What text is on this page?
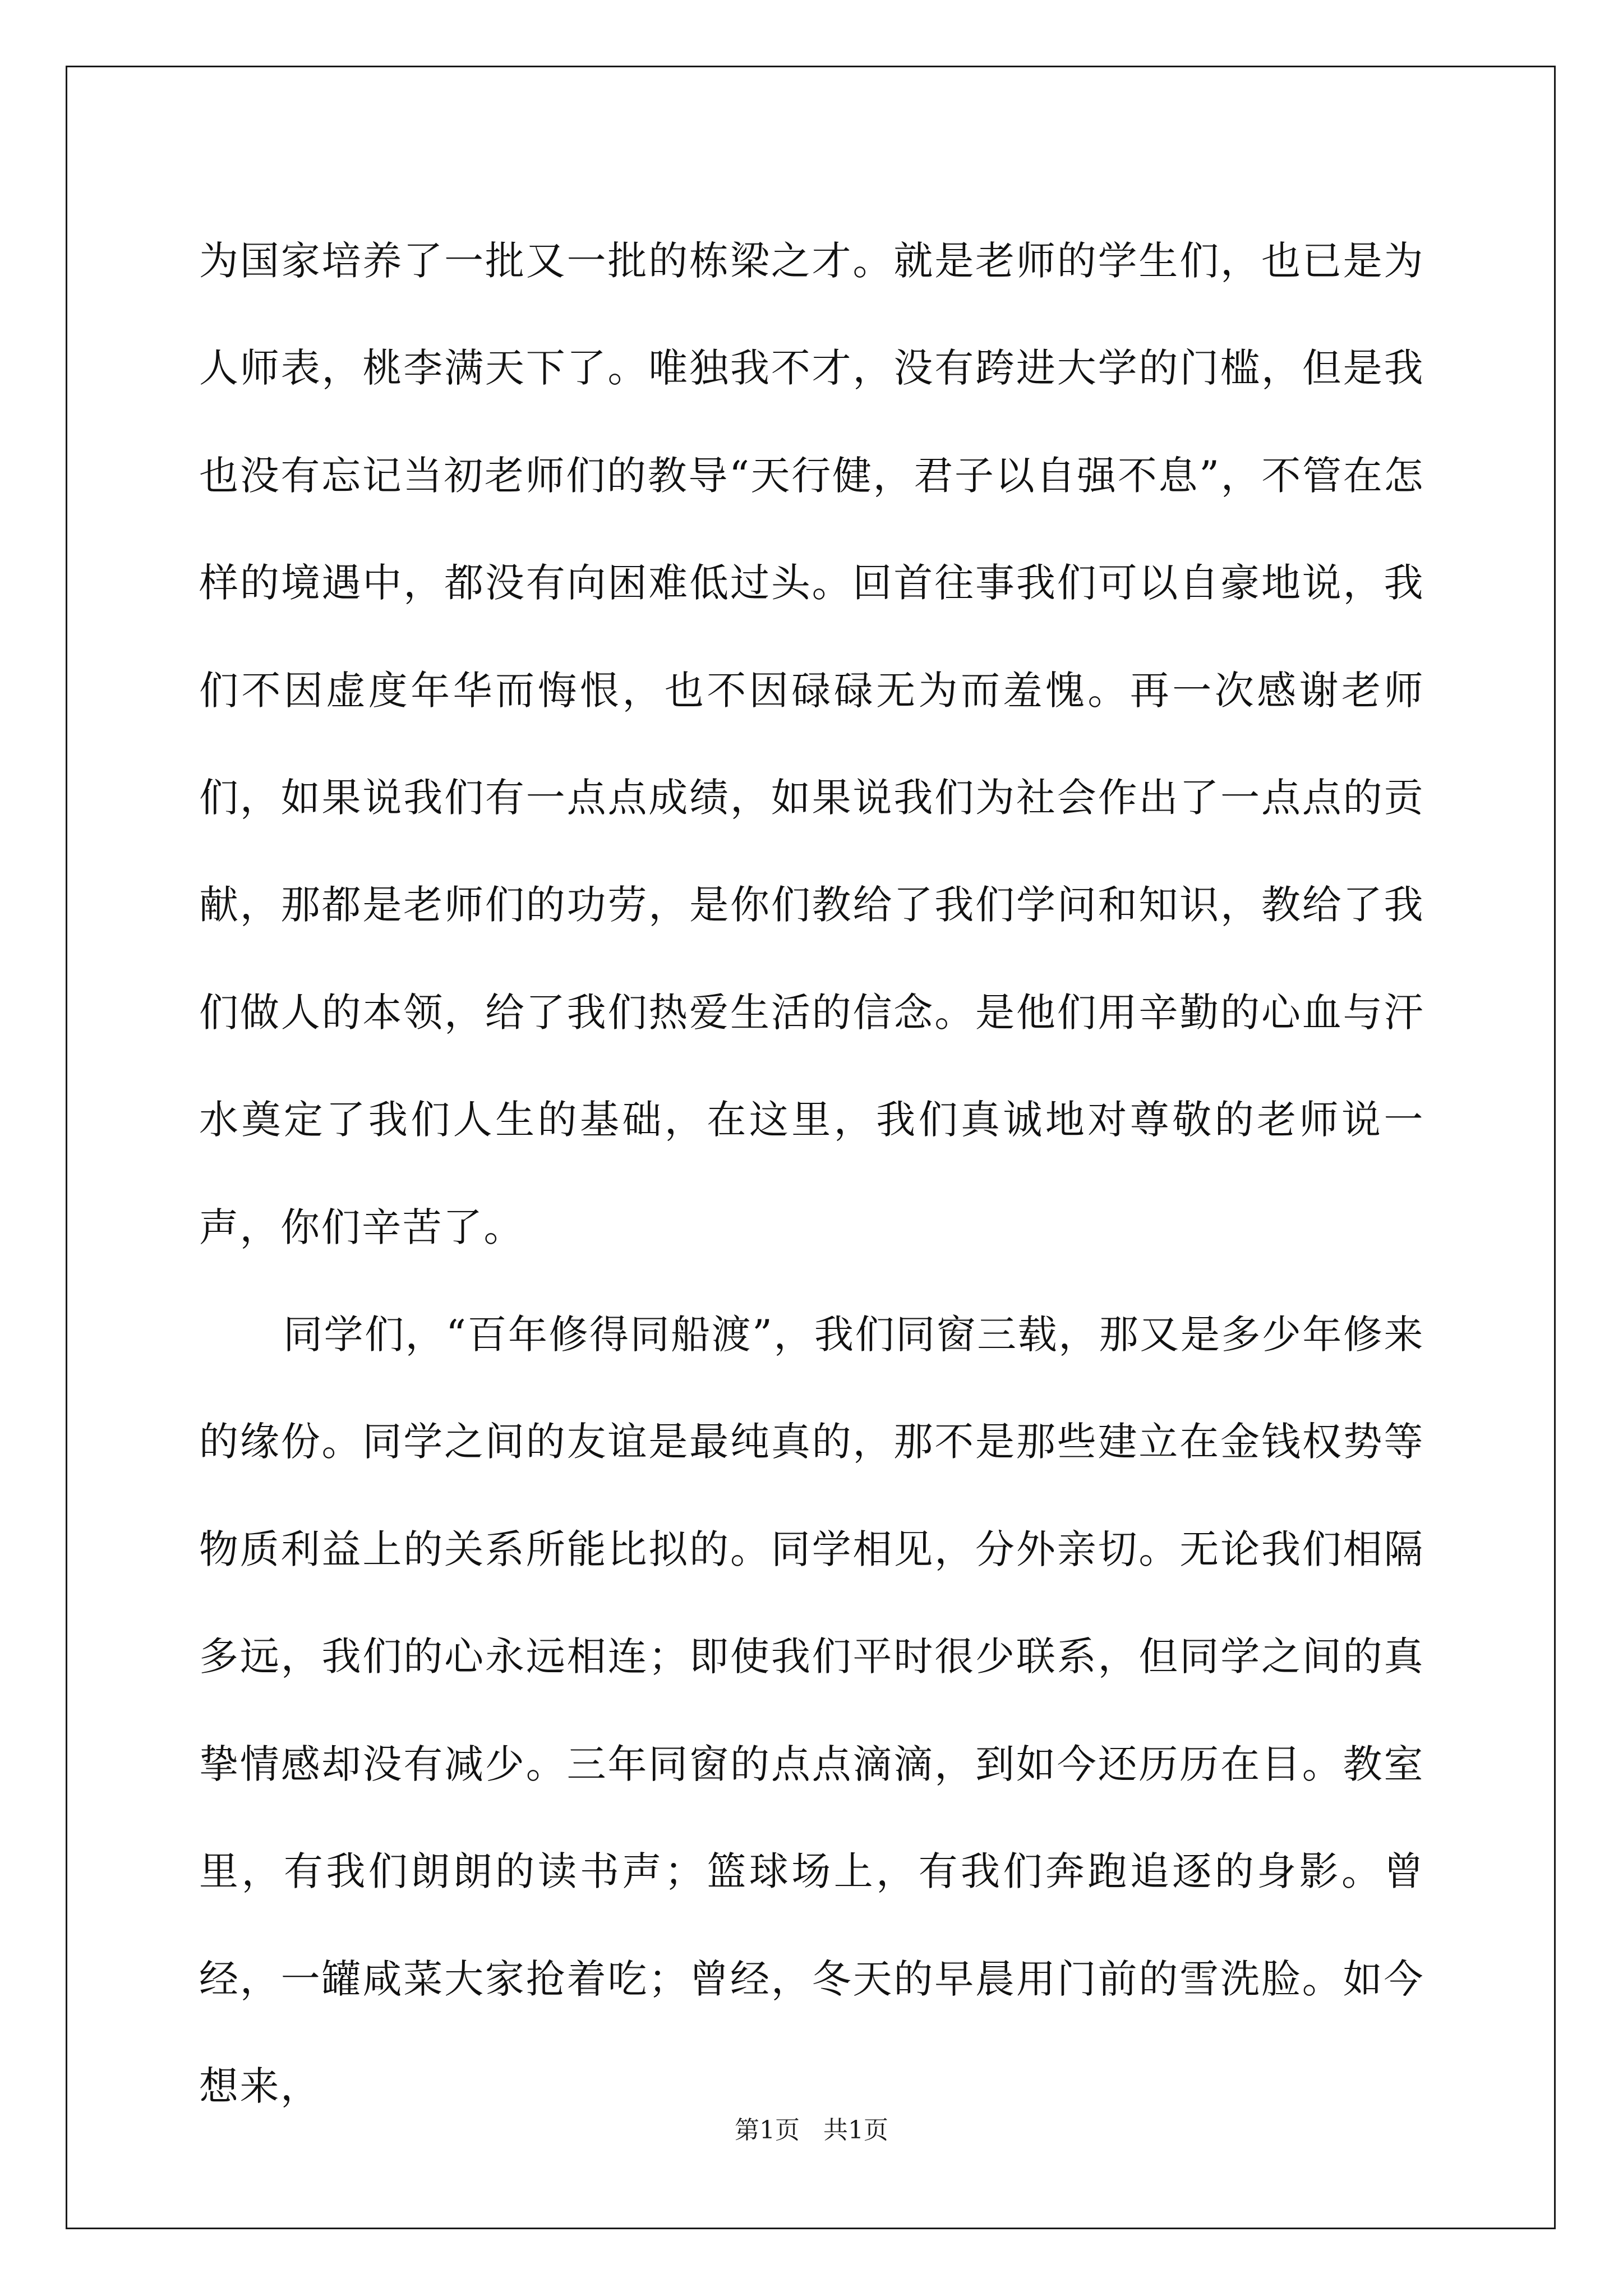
为国家培养了一批又一批的栋梁之才。就是老师的学生们，也已是为人师表，桃李满天下了。唯独我不才，没有跨进大学的门槛，但是我也没有忘记当初老师们的教导“天行健，君子以自强不息”，不管在怎样的境遇中，都没有向困难低过头。回首往事我们可以自豪地说，我们不因虚度年华而悔恨，也不因碌碌无为而羞愧。再一次感谢老师们，如果说我们有一点点成绩，如果说我们为社会作出了一点点的贡献，那都是老师们的功劳，是你们教给了我们学问和知识，教给了我们做人的本领，给了我们热爱生活的信念。是他们用辛勤的心血与汗水奠定了我们人生的基础，在这里，我们真诚地对尊敬的老师说一声，你们辛苦了。

同学们，“百年修得同船渡”，我们同窗三载，那又是多少年修来的缘份。同学之间的友谊是最纯真的，那不是那些建立在金钱权势等物质利益上的关系所能比拟的。同学相见，分外亲切。无论我们相隔多远，我们的心永远相连；即使我们平时很少联系，但同学之间的真挚情感却没有减少。三年同窗的点点滴滴，到如今还历历在目。教室里，有我们朗朗的读书声；篮球场上，有我们奔跑追逐的身影。曾经，一罐咸菜大家抢着吃；曾经，冬天的早晨用门前的雪洗脸。如今想来，

第1页 共1页
